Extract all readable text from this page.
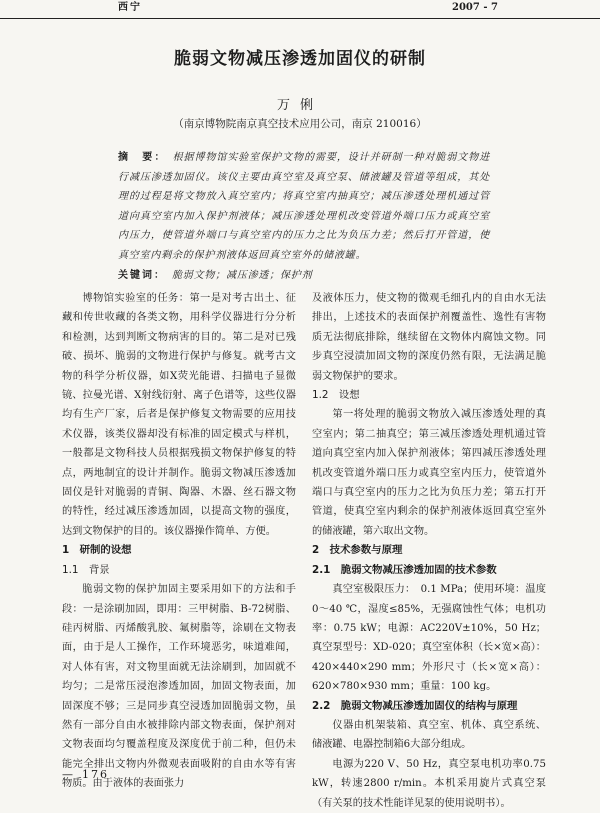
西宁	2007 - 7
脆弱文物减压渗透加固仪的研制
万俐
（南京博物院南京真空技术应用公司，南京 210016）

摘　要： 根据博物馆实验室保护文物的需要，设计并研制一种对脆弱文物进行减压渗透加固仪。该仪主要由真空室及真空泵、储液罐及管道等组成，其处理的过程是将文物放入真空室内；将真空室内抽真空；减压渗透处理机通过管道向真空室内加入保护剂液体；减压渗透处理机改变管道外端口压力或真空室内压力，使管道外端口与真空室内的压力之比为负压力差；然后打开管道，使真空室内剩余的保护剂液体返回真空室外的储液罐。

关键词： 脆弱文物；减压渗透；保护剂

博物馆实验室的任务：第一是对考古出土、征藏和传世收藏的各类文物，用科学仪器进行分分析和检测，达到判断文物病害的目的。第二是对已残破、损坏、脆弱的文物进行保护与修复。就考古文物的科学分析仪器，如X荧光能谱、扫描电子显微镜、拉曼光谱、X射线衍射、离子色谱等，这些仪器均有生产厂家，后者是保护修复文物需要的应用技术仪器，该类仪器却没有标准的固定模式与样机，一般都是文物科技人员根据残损文物保护修复的特点，两地制宜的设计并制作。脆弱文物减压渗透加固仪是针对脆弱的青铜、陶器、木器、丝石器文物的特性，经过减压渗透加固，以提高文物的强度，达到文物保护的目的。该仪器操作简单、方便。

1　研制的设想
1.1　背景

脆弱文物的保护加固主要采用如下的方法和手段：一是涂刷加固，即用：三甲树脂、B-72树脂、硅丙树脂、丙烯酸乳胶、氟树脂等，涂刷在文物表面，由于是人工操作，工作环境恶劣，味道难闻，对人体有害，对文物里面就无法涂刷到，加固就不均匀；二是常压浸泡渗透加固，加固文物表面，加固深度不够；三是同步真空浸透加固脆弱文物，虽然有一部分自由水被排除内部文物表面，保护剂对文物表面均匀覆盖程度及深度优于前二种，但仍未能完全排出文物内外微观表面吸附的自由水等有害物质。由于液体的表面张力

及液体压力，使文物的微观毛细孔内的自由水无法排出，上述技术的表面保护剂覆盖性、逸性有害物质无法彻底排除，继续留在文物体内腐蚀文物。同步真空浸渍加固文物的深度仍然有限，无法满足脆弱文物保护的要求。

1.2　设想

第一将处理的脆弱文物放入减压渗透处理的真空室内；第二抽真空；第三减压渗透处理机通过管道向真空室内加入保护剂液体；第四减压渗透处理机改变管道外端口压力或真空室内压力，使管道外端口与真空室内的压力之比为负压力差；第五打开管道，使真空室内剩余的保护剂液体返回真空室外的储液罐，第六取出文物。

2　技术参数与原理
2.1　脆弱文物减压渗透加固的技术参数

真空室极限压力：　0.1 MPa；使用环境：温度0～40 ℃，湿度≤85%，无强腐蚀性气体；电机功率：0.75 kW；电源：AC220V±10%，50 Hz；真空泵型号：XD-020；真空室体积（长×宽×高）：420×440×290 mm；外形尺寸（长×宽×高）：620×780×930 mm；重量：100 kg。

2.2　脆弱文物减压渗透加固仪的结构与原理

仪器由机架装箱、真空室、机体、真空系统、储液罐、电器控制箱6大部分组成。

电源为220 V、50 Hz，真空泵电机功率0.75 kW，转速2800 r/min。本机采用旋片式真空泵（有关泵的技术性能详见泵的使用说明书）。

— 176
